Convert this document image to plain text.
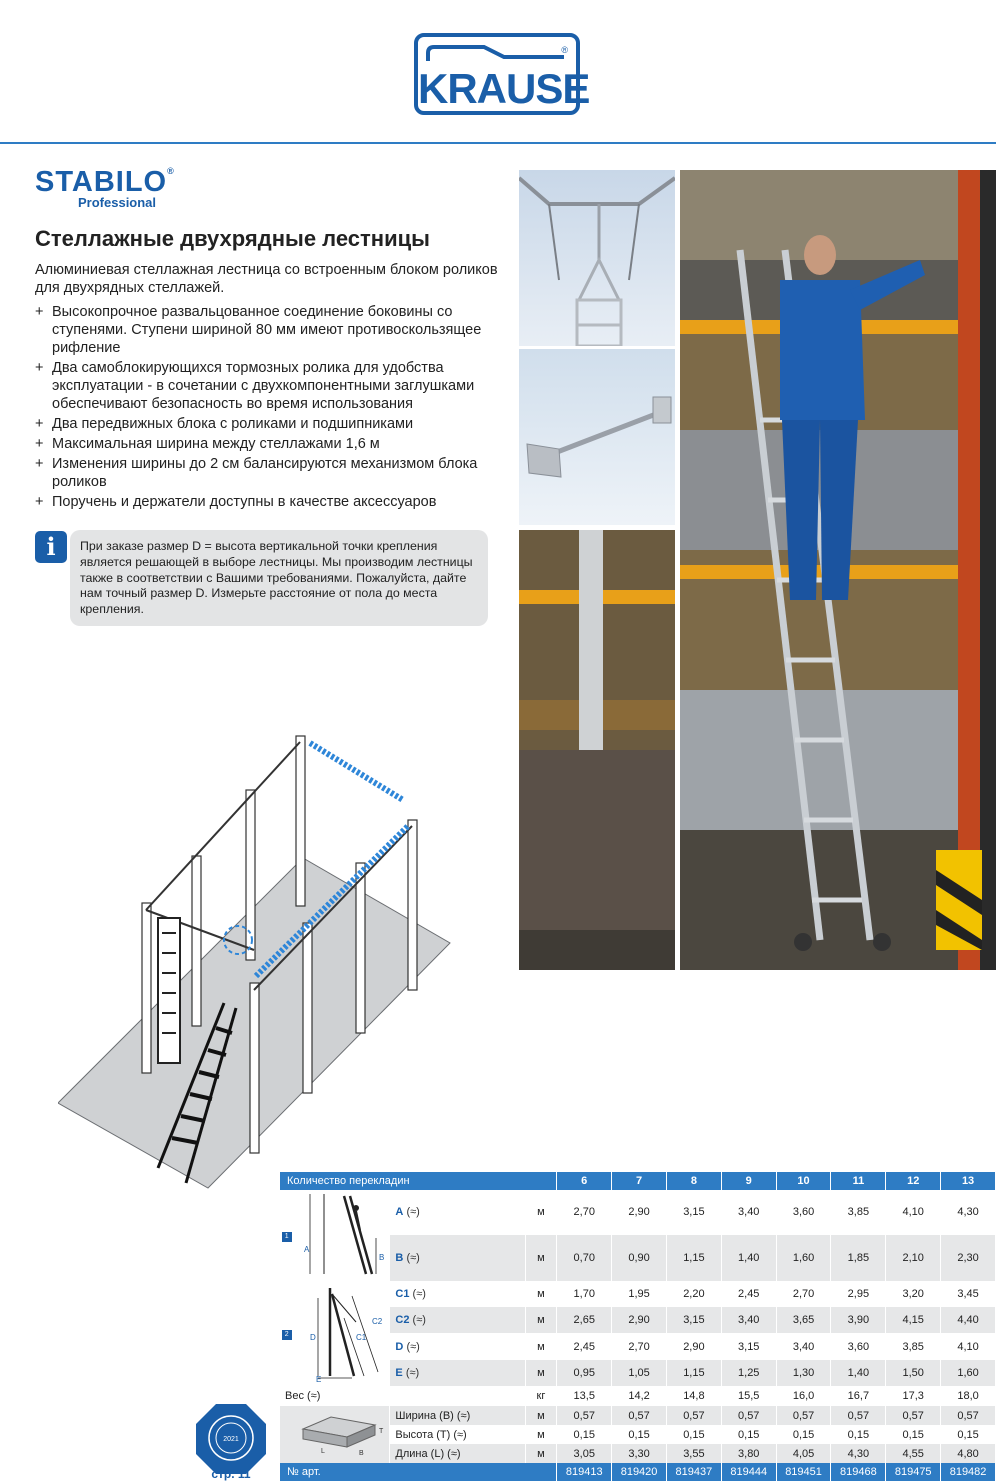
®
KRAUSE
STABILO®
Professional
Стеллажные двухрядные лестницы
Алюминиевая стеллажная лестница со встроенным блоком роликов для двухрядных стеллажей.
+ Высокопрочное развальцованное соединение боковины со ступенями. Ступени шириной 80 мм имеют противоскользящее рифление
+ Два самоблокирующихся тормозных ролика для удобства эксплуатации - в сочетании с двухкомпонентными заглушками обеспечивают безопасность во время использования
+ Два передвижных блока с роликами и подшипниками
+ Максимальная ширина между стеллажами 1,6 м
+ Изменения ширины до 2 см балансируются механизмом блока роликов
+ Поручень и держатели доступны в качестве аксессуаров
i	При заказе размер D = высота вертикальной точки крепления является решающей в выборе лестницы. Мы производим лестницы также в соответствии с Вашими требованиями. Пожалуйста, дайте нам точный размер D. Измерьте расстояние от пола до места крепления.
Количество перекладин				6	7	8	9	10	11	12	13
1	A
B	A (≈)	м	2,70	2,90	3,15	3,40	3,60	3,85	4,10	4,30
		B (≈)	м	0,70	0,90	1,15	1,40	1,60	1,85	2,10	2,30
2	D
E
C1
C2	C1 (≈)	м	1,70	1,95	2,20	2,45	2,70	2,95	3,20	3,45
		C2 (≈)	м	2,65	2,90	3,15	3,40	3,65	3,90	4,15	4,40
		D (≈)	м	2,45	2,70	2,90	3,15	3,40	3,60	3,85	4,10
		E (≈)	м	0,95	1,05	1,15	1,25	1,30	1,40	1,50	1,60
Вес (≈)			кг	13,5	14,2	14,8	15,5	16,0	16,7	17,3	18,0

T
L B		Ширина (B) (≈)	м	0,57	0,57	0,57	0,57	0,57	0,57	0,57	0,57
		Высота (T) (≈)	м	0,15	0,15	0,15	0,15	0,15	0,15	0,15	0,15
		Длина (L) (≈)	м	3,05	3,30	3,55	3,80	4,05	4,30	4,55	4,80
№ арт.				819413	819420	819437	819444	819451	819468	819475	819482
2021
стр. 11
